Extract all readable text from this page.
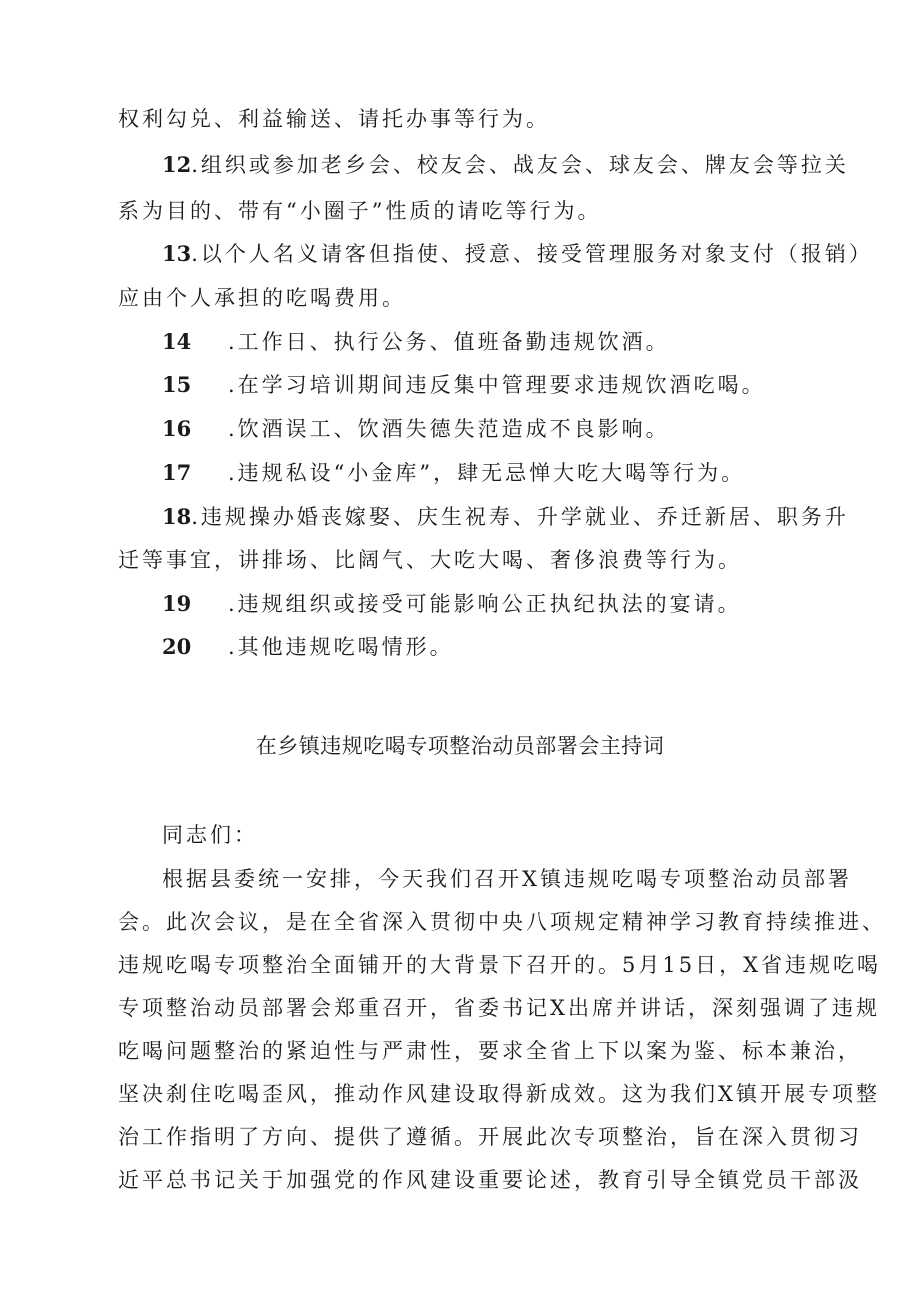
权利勾兑、利益输送、请托办事等行为。
12.组织或参加老乡会、校友会、战友会、球友会、牌友会等拉关
系为目的、带有“小圈子”性质的请吃等行为。
13.以个人名义请客但指使、授意、接受管理服务对象支付（报销）
应由个人承担的吃喝费用。
14 .工作日、执行公务、值班备勤违规饮酒。
15 .在学习培训期间违反集中管理要求违规饮酒吃喝。
16 .饮酒误工、饮酒失德失范造成不良影响。
17 .违规私设“小金库”，肆无忌惮大吃大喝等行为。
18.违规操办婚丧嫁娶、庆生祝寿、升学就业、乔迁新居、职务升
迁等事宜，讲排场、比阔气、大吃大喝、奢侈浪费等行为。
19 .违规组织或接受可能影响公正执纪执法的宴请。
20 .其他违规吃喝情形。
在乡镇违规吃喝专项整治动员部署会主持词
同志们：
根据县委统一安排，今天我们召开X镇违规吃喝专项整治动员部署
会。此次会议，是在全省深入贯彻中央八项规定精神学习教育持续推进、
违规吃喝专项整治全面铺开的大背景下召开的。5月15日，X省违规吃喝
专项整治动员部署会郑重召开，省委书记X出席并讲话，深刻强调了违规
吃喝问题整治的紧迫性与严肃性，要求全省上下以案为鉴、标本兼治，
坚决刹住吃喝歪风，推动作风建设取得新成效。这为我们X镇开展专项整
治工作指明了方向、提供了遵循。开展此次专项整治，旨在深入贯彻习
近平总书记关于加强党的作风建设重要论述，教育引导全镇党员干部汲
